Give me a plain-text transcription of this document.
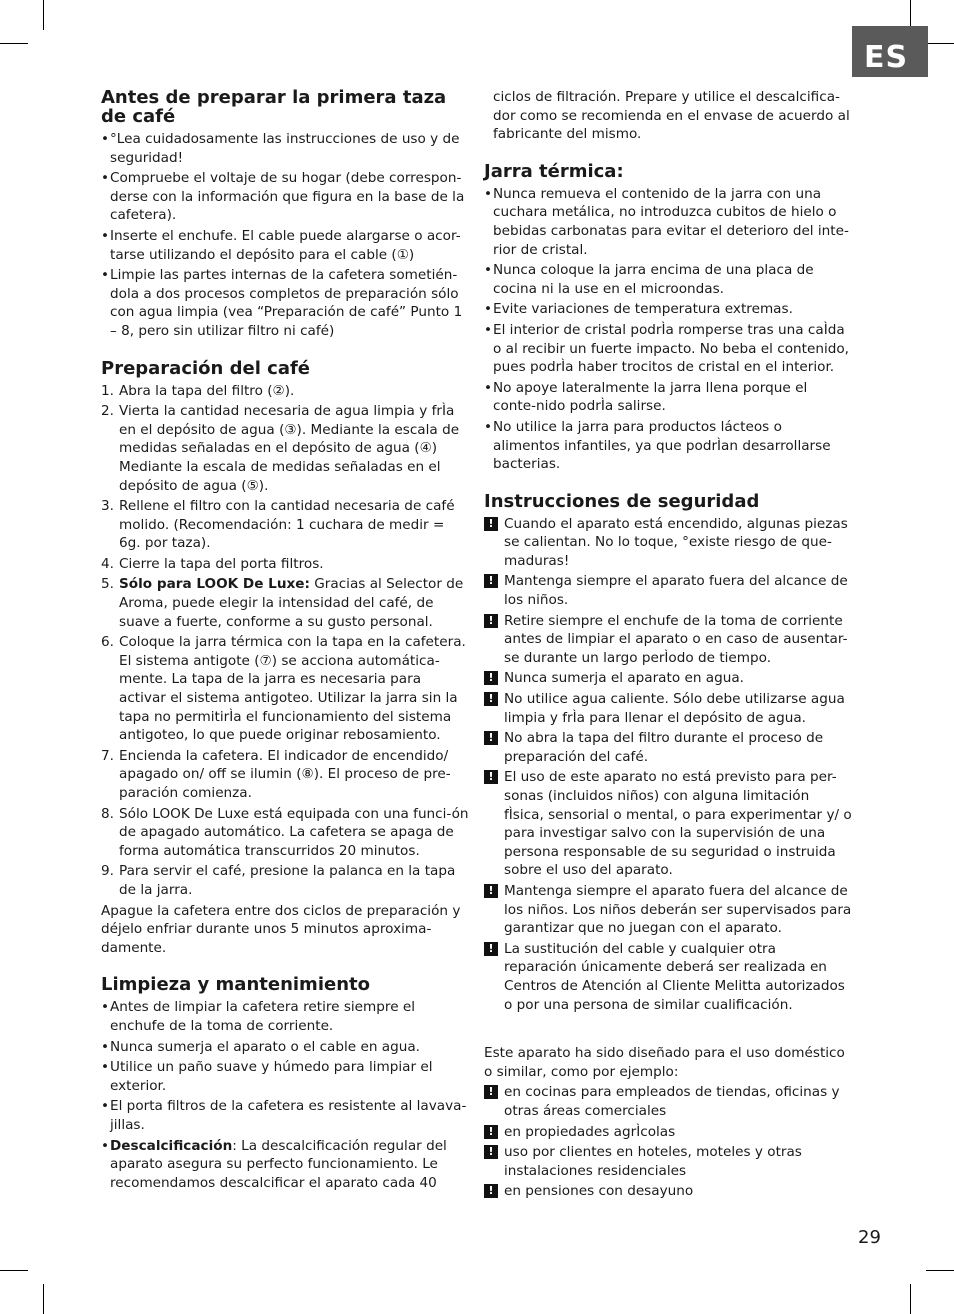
ES
Antes de preparar la primera taza de café
• °Lea cuidadosamente las instrucciones de uso y de seguridad!
• Compruebe el voltaje de su hogar (debe correspon-derse con la información que figura en la base de la cafetera).
• Inserte el enchufe. El cable puede alargarse o acor-tarse utilizando el depósito para el cable (①)
• Limpie las partes internas de la cafetera sometién-dola a dos procesos completos de preparación sólo con agua limpia (vea “Preparación de café” Punto 1 – 8, pero sin utilizar filtro ni café)
Preparación del café
1. Abra la tapa del filtro (②).
2. Vierta la cantidad necesaria de agua limpia y frÌa en el depósito de agua (③). Mediante la escala de medidas señaladas en el depósito de agua (④) Mediante la escala de medidas señaladas en el depósito de agua (⑤).
3. Rellene el filtro con la cantidad necesaria de café molido. (Recomendación: 1 cuchara de medir = 6g. por taza).
4. Cierre la tapa del porta filtros.
5. Sólo para LOOK De Luxe: Gracias al Selector de Aroma, puede elegir la intensidad del café, de suave a fuerte, conforme a su gusto personal.
6. Coloque la jarra térmica con la tapa en la cafetera. El sistema antigote (⑦) se acciona automática-mente. La tapa de la jarra es necesaria para activar el sistema antigoteo. Utilizar la jarra sin la tapa no permitirÌa el funcionamiento del sistema antigoteo, lo que puede originar rebosamiento.
7. Encienda la cafetera. El indicador de encendido/ apagado on/ off se ilumin (⑧). El proceso de pre-paración comienza.
8. Sólo LOOK De Luxe está equipada con una funci-ón de apagado automático. La cafetera se apaga de forma automática transcurridos 20 minutos.
9. Para servir el café, presione la palanca en la tapa de la jarra.

Apague la cafetera entre dos ciclos de preparación y déjelo enfriar durante unos 5 minutos aproxima-damente.

Limpieza y mantenimiento
• Antes de limpiar la cafetera retire siempre el enchufe de la toma de corriente.
• Nunca sumerja el aparato o el cable en agua.
• Utilice un paño suave y húmedo para limpiar el exterior.
• El porta filtros de la cafetera es resistente al lavava-jillas.
• Descalcificación: La descalcificación regular del aparato asegura su perfecto funcionamiento. Le recomendamos descalcificar el aparato cada 40

ciclos de filtración. Prepare y utilice el descalcifica-dor como se recomienda en el envase de acuerdo al fabricante del mismo.

Jarra térmica:
• Nunca remueva el contenido de la jarra con una cuchara metálica, no introduzca cubitos de hielo o bebidas carbonatas para evitar el deterioro del inte-rior de cristal.
• Nunca coloque la jarra encima de una placa de cocina ni la use en el microondas.
• Evite variaciones de temperatura extremas.
• El interior de cristal podrÌa romperse tras una caÌda o al recibir un fuerte impacto. No beba el contenido, pues podrÌa haber trocitos de cristal en el interior.
• No apoye lateralmente la jarra llena porque el conte-nido podrÌa salirse.
• No utilice la jarra para productos lácteos o alimentos infantiles, ya que podrÌan desarrollarse bacterias.
Instrucciones de seguridad
! Cuando el aparato está encendido, algunas piezas se calientan. No lo toque, °existe riesgo de que-maduras!
! Mantenga siempre el aparato fuera del alcance de los niños.
! Retire siempre el enchufe de la toma de corriente antes de limpiar el aparato o en caso de ausentar-se durante un largo perÌodo de tiempo.
! Nunca sumerja el aparato en agua.
! No utilice agua caliente. Sólo debe utilizarse agua limpia y frÌa para llenar el depósito de agua.
! No abra la tapa del filtro durante el proceso de preparación del café.
! El uso de este aparato no está previsto para per-sonas (incluidos niños) con alguna limitación fÌsica, sensorial o mental, o para experimentar y/ o para investigar salvo con la supervisión de una persona responsable de su seguridad o instruida sobre el uso del aparato.
! Mantenga siempre el aparato fuera del alcance de los niños. Los niños deberán ser supervisados para garantizar que no juegan con el aparato.
! La sustitución del cable y cualquier otra reparación únicamente deberá ser realizada en Centros de Atención al Cliente Melitta autorizados o por una persona de similar cualificación.

Este aparato ha sido diseñado para el uso doméstico o similar, como por ejemplo:

! en cocinas para empleados de tiendas, oficinas y otras áreas comerciales
! en propiedades agrÌcolas
! uso por clientes en hoteles, moteles y otras instalaciones residenciales
! en pensiones con desayuno
29
